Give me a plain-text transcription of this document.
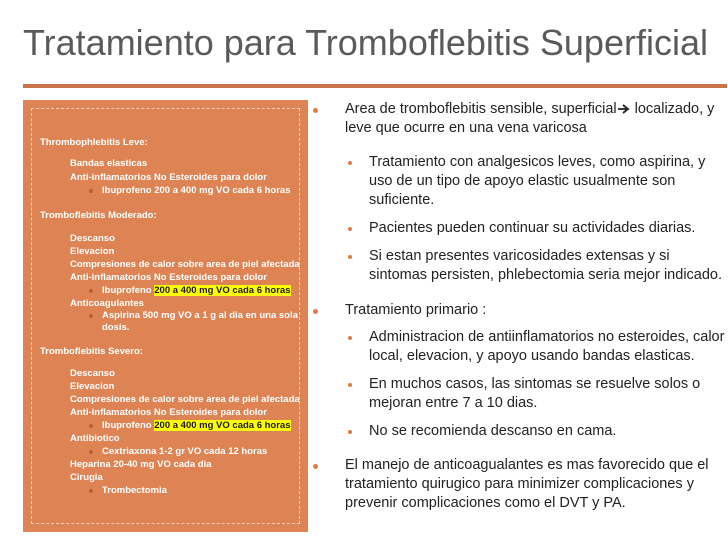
Tratamiento para Tromboflebitis Superficial
Thrombophlebitis Leve:
Bandas elasticas
Anti-inflamatorios No Esteroides para dolor
Ibuprofeno 200 a 400 mg VO cada 6 horas
Tromboflebitis Moderado:
Descanso
Elevacion
Compresiones de calor sobre area de piel afectada
Anti-inflamatorios No Esteroides para dolor
Ibuprofeno 200 a 400 mg VO cada 6 horas
Anticoagulantes
Aspirina 500 mg VO a 1 g al dia en una sola
dosis.
Tromboflebitis Severo:
Descanso
Elevacion
Compresiones de calor sobre area de piel afectada
Anti-inflamatorios No Esteroides para dolor
Ibuprofeno 200 a 400 mg VO cada 6 horas
Antibiotico
Cextriaxona 1-2 gr VO cada 12 horas
Heparina 20-40 mg VO cada dia
Cirugia
Trombectomia
Area de tromboflebitis sensible, superficial localizado, y
leve que ocurre en una vena varicosa
Tratamiento con analgesicos leves, como aspirina, y
uso de un tipo de apoyo elastic usualmente son
suficiente.
Pacientes pueden continuar su actividades diarias.
Si estan presentes varicosidades extensas y si
sintomas persisten, phlebectomia seria mejor indicado.
Tratamiento primario :
Administracion de antiinflamatorios no esteroides, calor
local, elevacion, y apoyo usando bandas elasticas.
En muchos casos, las sintomas se resuelve solos o
mejoran entre 7 a 10 dias.
No se recomienda descanso en cama.
El manejo de anticoagualantes es mas favorecido que el
tratamiento quirugico para minimizer complicaciones y
prevenir complicaciones como el DVT y PA.
